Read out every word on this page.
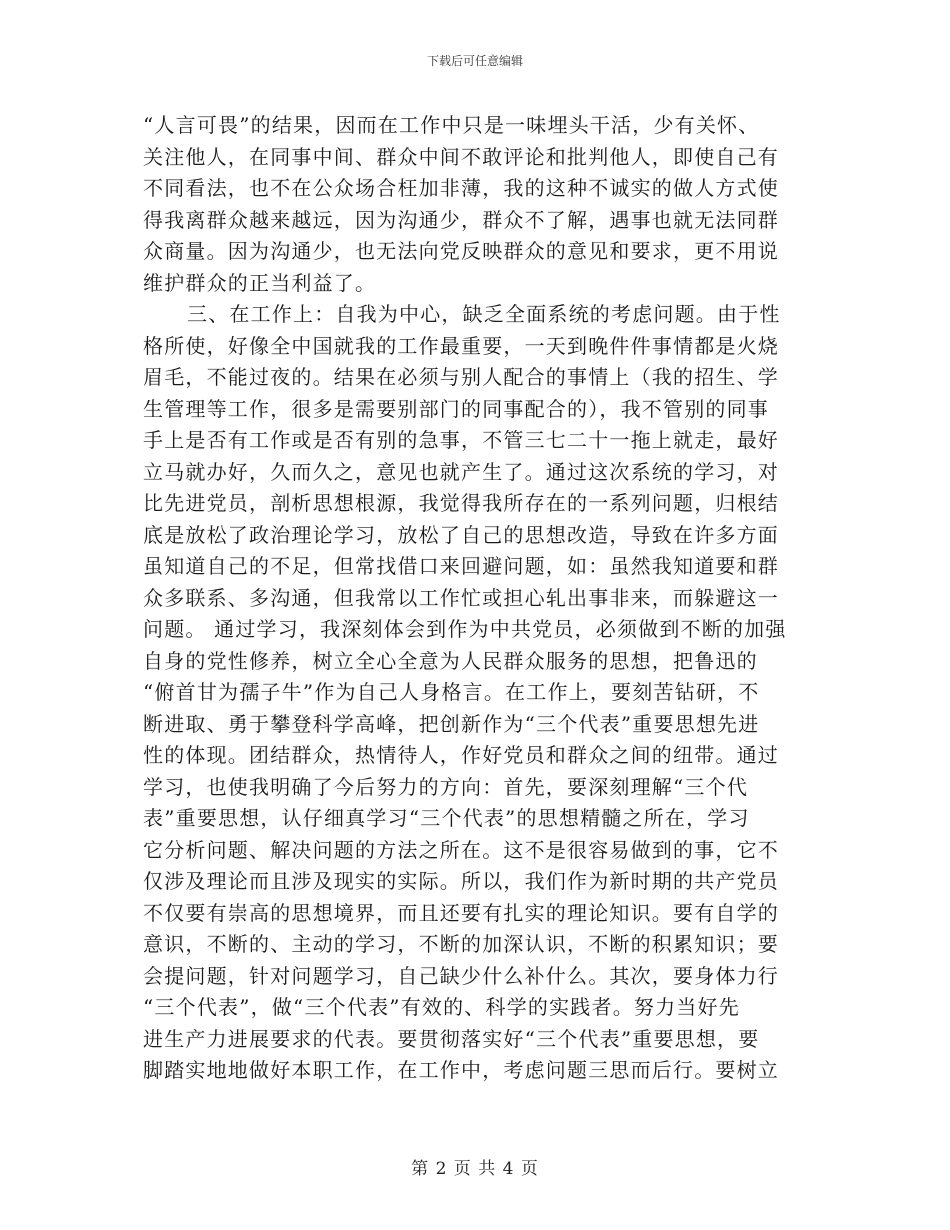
下载后可任意编辑
“人言可畏”的结果，因而在工作中只是一味埋头干活，少有关怀、
关注他人，在同事中间、群众中间不敢评论和批判他人，即使自己有
不同看法，也不在公众场合枉加非薄，我的这种不诚实的做人方式使
得我离群众越来越远，因为沟通少，群众不了解，遇事也就无法同群
众商量。因为沟通少，也无法向党反映群众的意见和要求，更不用说
维护群众的正当利益了。
三、在工作上：自我为中心，缺乏全面系统的考虑问题。由于性
格所使，好像全中国就我的工作最重要，一天到晚件件事情都是火烧
眉毛，不能过夜的。结果在必须与别人配合的事情上（我的招生、学
生管理等工作，很多是需要别部门的同事配合的），我不管别的同事
手上是否有工作或是否有别的急事，不管三七二十一拖上就走，最好
立马就办好，久而久之，意见也就产生了。通过这次系统的学习，对
比先进党员，剖析思想根源，我觉得我所存在的一系列问题，归根结
底是放松了政治理论学习，放松了自己的思想改造，导致在许多方面
虽知道自己的不足，但常找借口来回避问题，如：虽然我知道要和群
众多联系、多沟通，但我常以工作忙或担心轧出事非来，而躲避这一
问题。 通过学习，我深刻体会到作为中共党员，必须做到不断的加强
自身的党性修养，树立全心全意为人民群众服务的思想，把鲁迅的
“俯首甘为孺子牛”作为自己人身格言。在工作上，要刻苦钻研，不
断进取、勇于攀登科学高峰，把创新作为“三个代表”重要思想先进
性的体现。团结群众，热情待人，作好党员和群众之间的纽带。通过
学习，也使我明确了今后努力的方向：首先，要深刻理解“三个代
表”重要思想，认仔细真学习“三个代表”的思想精髓之所在，学习
它分析问题、解决问题的方法之所在。这不是很容易做到的事，它不
仅涉及理论而且涉及现实的实际。所以，我们作为新时期的共产党员
不仅要有崇高的思想境界，而且还要有扎实的理论知识。要有自学的
意识，不断的、主动的学习，不断的加深认识，不断的积累知识；要
会提问题，针对问题学习，自己缺少什么补什么。其次，要身体力行
“三个代表”，做“三个代表”有效的、科学的实践者。努力当好先
进生产力进展要求的代表。要贯彻落实好“三个代表”重要思想，要
脚踏实地地做好本职工作，在工作中，考虑问题三思而后行。要树立
第 2 页 共 4 页
